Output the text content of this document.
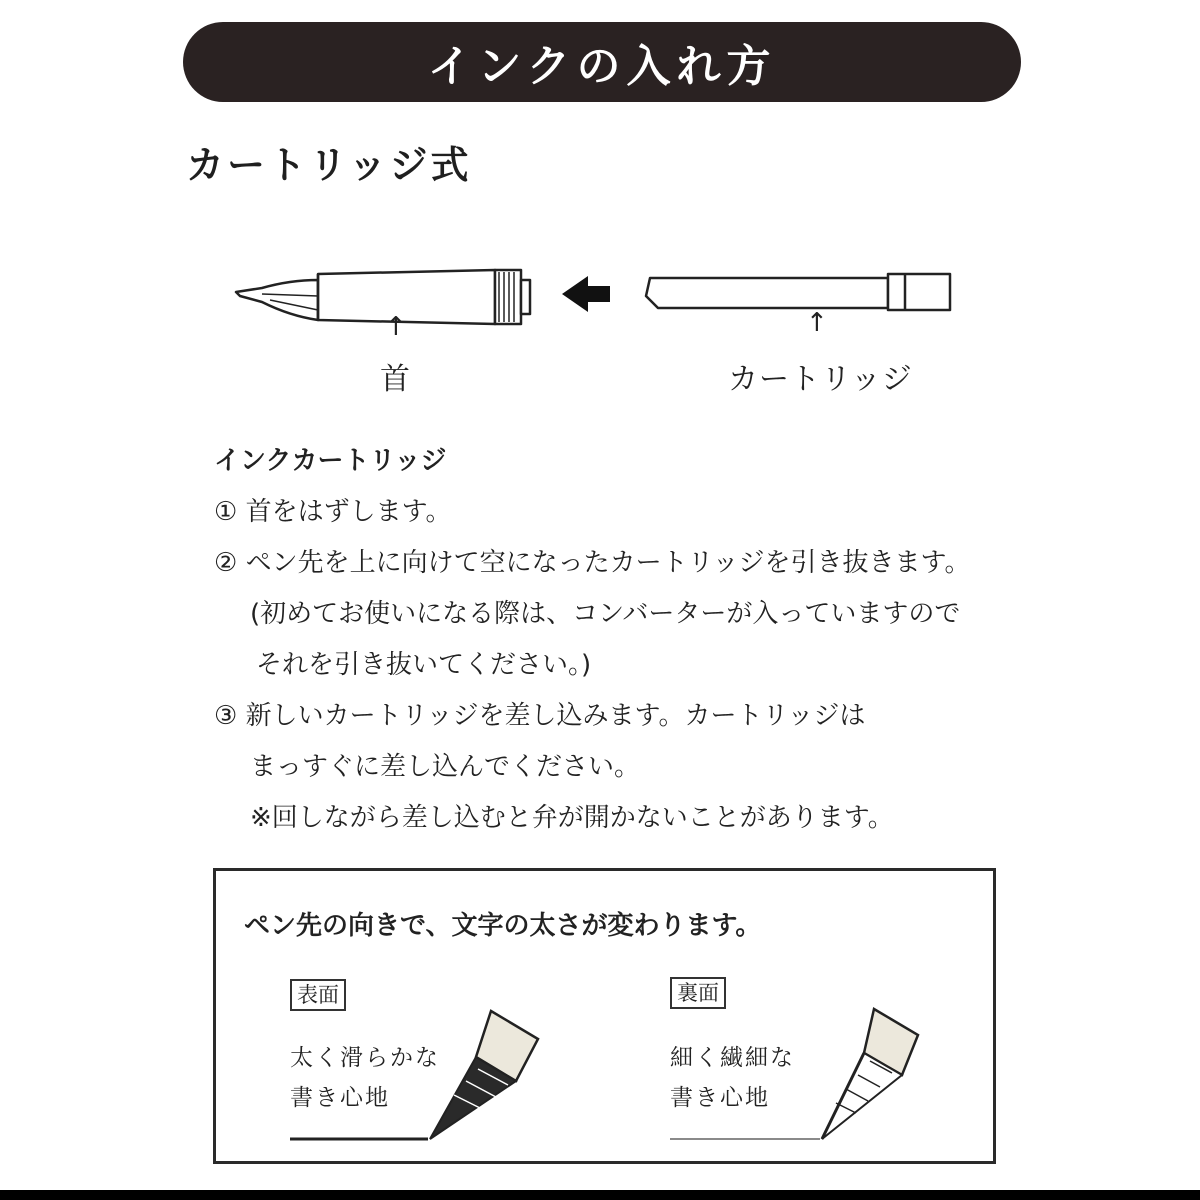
インクの入れ方
カートリッジ式
↑
首
↑
カートリッジ
インクカートリッジ
① 首をはずします。
② ペン先を上に向けて空になったカートリッジを引き抜きます。
(初めてお使いになる際は、コンバーターが入っていますので
それを引き抜いてください。)
③ 新しいカートリッジを差し込みます。カートリッジは
まっすぐに差し込んでください。
※回しながら差し込むと弁が開かないことがあります。
ペン先の向きで、文字の太さが変わります。
表面
太く滑らかな
書き心地
裏面
細く繊細な
書き心地
